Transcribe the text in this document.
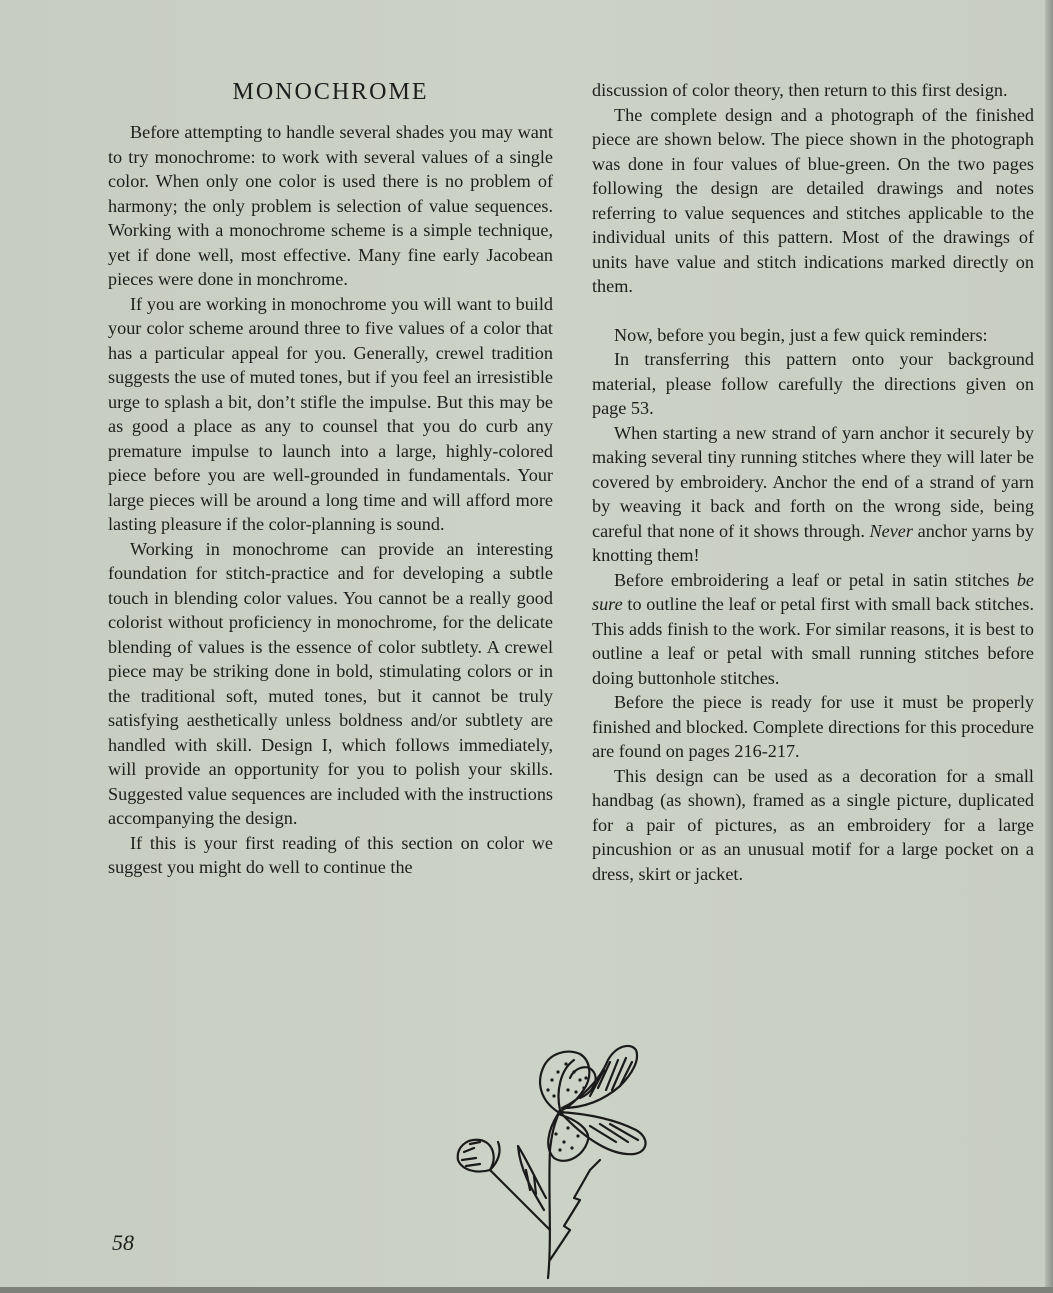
MONOCHROME

Before attempting to handle several shades you may want to try monochrome: to work with several values of a single color. When only one color is used there is no problem of harmony; the only problem is selection of value sequences. Working with a monochrome scheme is a simple technique, yet if done well, most effective. Many fine early Jacobean pieces were done in monchrome.

If you are working in monochrome you will want to build your color scheme around three to five values of a color that has a particular appeal for you. Generally, crewel tradition suggests the use of muted tones, but if you feel an irresistible urge to splash a bit, don’t stifle the impulse. But this may be as good a place as any to counsel that you do curb any premature impulse to launch into a large, highly-colored piece before you are well-grounded in fundamentals. Your large pieces will be around a long time and will afford more lasting pleasure if the color-planning is sound.

Working in monochrome can provide an interesting foundation for stitch-practice and for developing a subtle touch in blending color values. You cannot be a really good colorist without proficiency in monochrome, for the delicate blending of values is the essence of color subtlety. A crewel piece may be striking done in bold, stimulating colors or in the traditional soft, muted tones, but it cannot be truly satisfying aesthetically unless boldness and/or subtlety are handled with skill. Design I, which follows immediately, will provide an opportunity for you to polish your skills. Suggested value sequences are included with the instructions accompanying the design.

If this is your first reading of this section on color we suggest you might do well to continue the

discussion of color theory, then return to this first design.

The complete design and a photograph of the finished piece are shown below. The piece shown in the photograph was done in four values of blue-green. On the two pages following the design are detailed drawings and notes referring to value sequences and stitches applicable to the individual units of this pattern. Most of the drawings of units have value and stitch indications marked directly on them.

Now, before you begin, just a few quick reminders:

In transferring this pattern onto your background material, please follow carefully the directions given on page 53.

When starting a new strand of yarn anchor it securely by making several tiny running stitches where they will later be covered by embroidery. Anchor the end of a strand of yarn by weaving it back and forth on the wrong side, being careful that none of it shows through. Never anchor yarns by knotting them!

Before embroidering a leaf or petal in satin stitches be sure to outline the leaf or petal first with small back stitches. This adds finish to the work. For similar reasons, it is best to outline a leaf or petal with small running stitches before doing buttonhole stitches.

Before the piece is ready for use it must be properly finished and blocked. Complete directions for this procedure are found on pages 216-217.

This design can be used as a decoration for a small handbag (as shown), framed as a single picture, duplicated for a pair of pictures, as an embroidery for a large pincushion or as an unusual motif for a large pocket on a dress, skirt or jacket.

58
